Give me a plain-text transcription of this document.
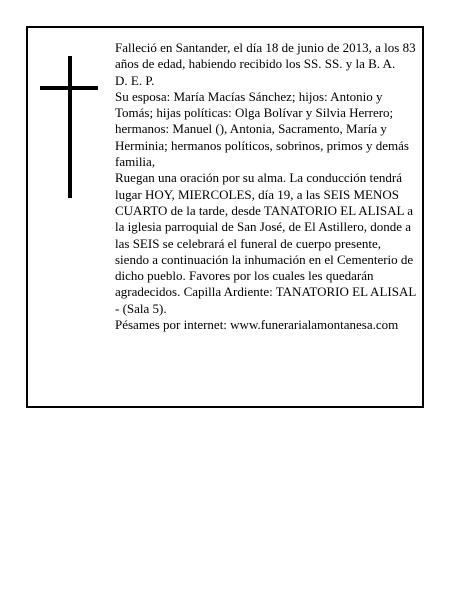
Falleció en Santander, el día 18 de junio de 2013, a los 83 años de edad, habiendo recibido los SS. SS. y la B. A.

D. E. P.

Su esposa: María Macías Sánchez; hijos: Antonio y Tomás; hijas políticas: Olga Bolívar y Silvia Herrero; hermanos: Manuel (), Antonia, Sacramento, María y Herminia; hermanos políticos, sobrinos, primos y demás familia,

Ruegan una oración por su alma. La conducción tendrá lugar HOY, MIERCOLES, día 19, a las SEIS MENOS CUARTO de la tarde, desde TANATORIO EL ALISAL a la iglesia parroquial de San José, de El Astillero, donde a las SEIS se celebrará el funeral de cuerpo presente, siendo a continuación la inhumación en el Cementerio de dicho pueblo. Favores por los cuales les quedarán agradecidos. Capilla Ardiente: TANATORIO EL ALISAL - (Sala 5).

Pésames por internet: www.funerarialamontanesa.com
